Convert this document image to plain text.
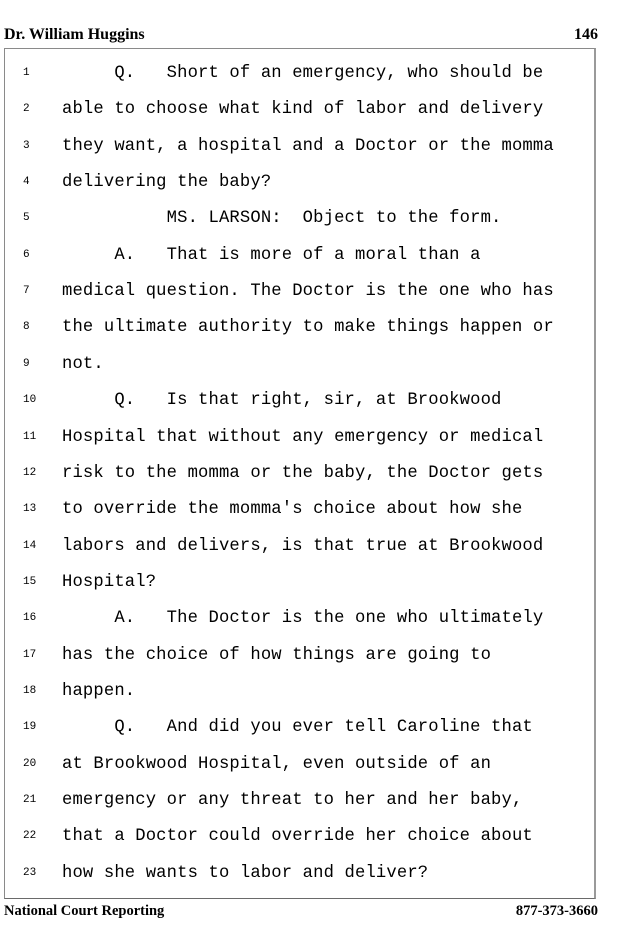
Dr. William Huggins	146
1 Q.   Short of an emergency, who should be
2 able to choose what kind of labor and delivery
3 they want, a hospital and a Doctor or the momma
4 delivering the baby?
5 MS. LARSON:  Object to the form.
6 A.   That is more of a moral than a
7 medical question. The Doctor is the one who has
8 the ultimate authority to make things happen or
9 not.
10 Q.   Is that right, sir, at Brookwood
11 Hospital that without any emergency or medical
12 risk to the momma or the baby, the Doctor gets
13 to override the momma's choice about how she
14 labors and delivers, is that true at Brookwood
15 Hospital?
16 A.   The Doctor is the one who ultimately
17 has the choice of how things are going to
18 happen.
19 Q.   And did you ever tell Caroline that
20 at Brookwood Hospital, even outside of an
21 emergency or any threat to her and her baby,
22 that a Doctor could override her choice about
23 how she wants to labor and deliver?
National Court Reporting	877-373-3660
